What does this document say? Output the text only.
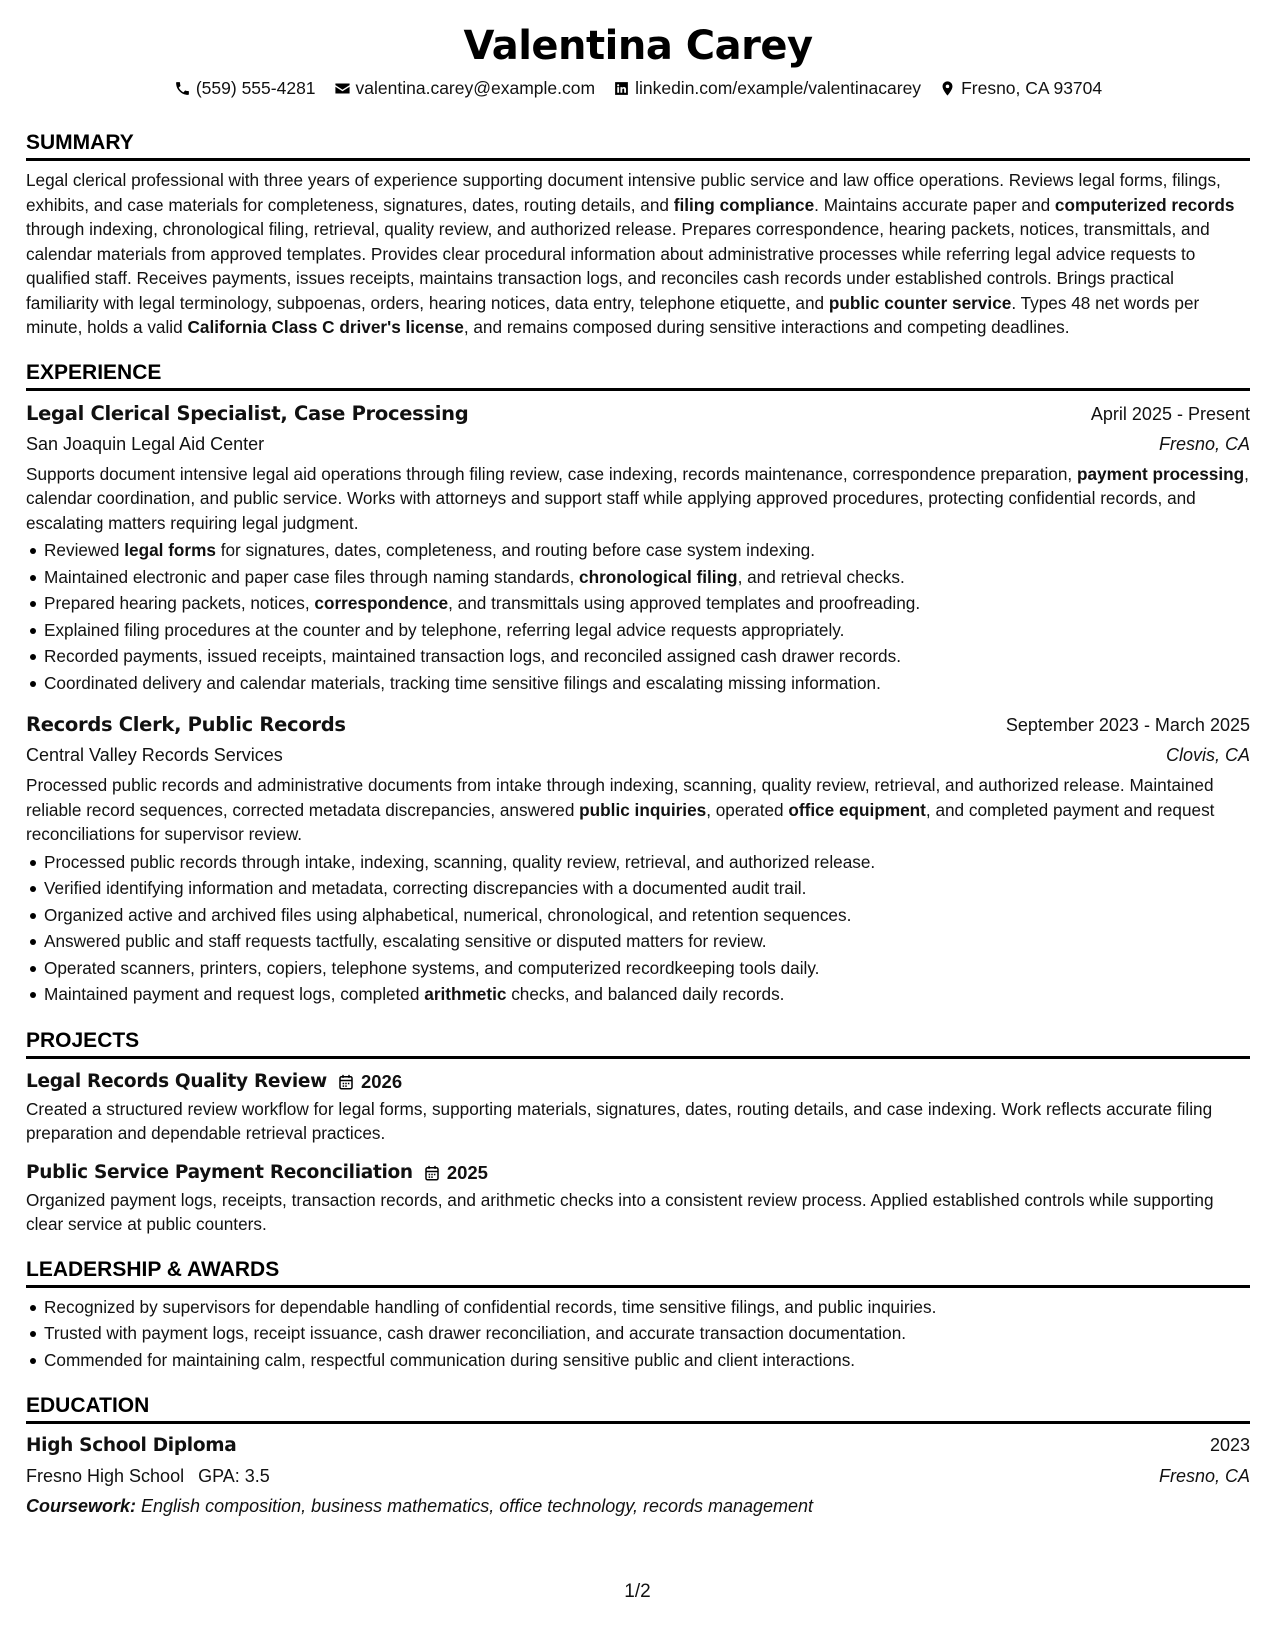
Valentina Carey
(559) 555-4281 valentina.carey@example.com linkedin.com/example/valentinacarey Fresno, CA 93704
SUMMARY
Legal clerical professional with three years of experience supporting document intensive public service and law office operations. Reviews legal forms, filings, exhibits, and case materials for completeness, signatures, dates, routing details, and filing compliance. Maintains accurate paper and computerized records through indexing, chronological filing, retrieval, quality review, and authorized release. Prepares correspondence, hearing packets, notices, transmittals, and calendar materials from approved templates. Provides clear procedural information about administrative processes while referring legal advice requests to qualified staff. Receives payments, issues receipts, maintains transaction logs, and reconciles cash records under established controls. Brings practical familiarity with legal terminology, subpoenas, orders, hearing notices, data entry, telephone etiquette, and public counter service. Types 48 net words per minute, holds a valid California Class C driver's license, and remains composed during sensitive interactions and competing deadlines.
EXPERIENCE
Legal Clerical Specialist, Case Processing	April 2025 - Present
San Joaquin Legal Aid Center	Fresno, CA
Supports document intensive legal aid operations through filing review, case indexing, records maintenance, correspondence preparation, payment processing, calendar coordination, and public service. Works with attorneys and support staff while applying approved procedures, protecting confidential records, and escalating matters requiring legal judgment.
Reviewed legal forms for signatures, dates, completeness, and routing before case system indexing.
Maintained electronic and paper case files through naming standards, chronological filing, and retrieval checks.
Prepared hearing packets, notices, correspondence, and transmittals using approved templates and proofreading.
Explained filing procedures at the counter and by telephone, referring legal advice requests appropriately.
Recorded payments, issued receipts, maintained transaction logs, and reconciled assigned cash drawer records.
Coordinated delivery and calendar materials, tracking time sensitive filings and escalating missing information.
Records Clerk, Public Records	September 2023 - March 2025
Central Valley Records Services	Clovis, CA
Processed public records and administrative documents from intake through indexing, scanning, quality review, retrieval, and authorized release. Maintained reliable record sequences, corrected metadata discrepancies, answered public inquiries, operated office equipment, and completed payment and request reconciliations for supervisor review.
Processed public records through intake, indexing, scanning, quality review, retrieval, and authorized release.
Verified identifying information and metadata, correcting discrepancies with a documented audit trail.
Organized active and archived files using alphabetical, numerical, chronological, and retention sequences.
Answered public and staff requests tactfully, escalating sensitive or disputed matters for review.
Operated scanners, printers, copiers, telephone systems, and computerized recordkeeping tools daily.
Maintained payment and request logs, completed arithmetic checks, and balanced daily records.
PROJECTS
Legal Records Quality Review 2026
Created a structured review workflow for legal forms, supporting materials, signatures, dates, routing details, and case indexing. Work reflects accurate filing preparation and dependable retrieval practices.
Public Service Payment Reconciliation 2025
Organized payment logs, receipts, transaction records, and arithmetic checks into a consistent review process. Applied established controls while supporting clear service at public counters.
LEADERSHIP & AWARDS
Recognized by supervisors for dependable handling of confidential records, time sensitive filings, and public inquiries.
Trusted with payment logs, receipt issuance, cash drawer reconciliation, and accurate transaction documentation.
Commended for maintaining calm, respectful communication during sensitive public and client interactions.
EDUCATION
High School Diploma	2023
Fresno High School GPA: 3.5	Fresno, CA
Coursework: English composition, business mathematics, office technology, records management
1/2
